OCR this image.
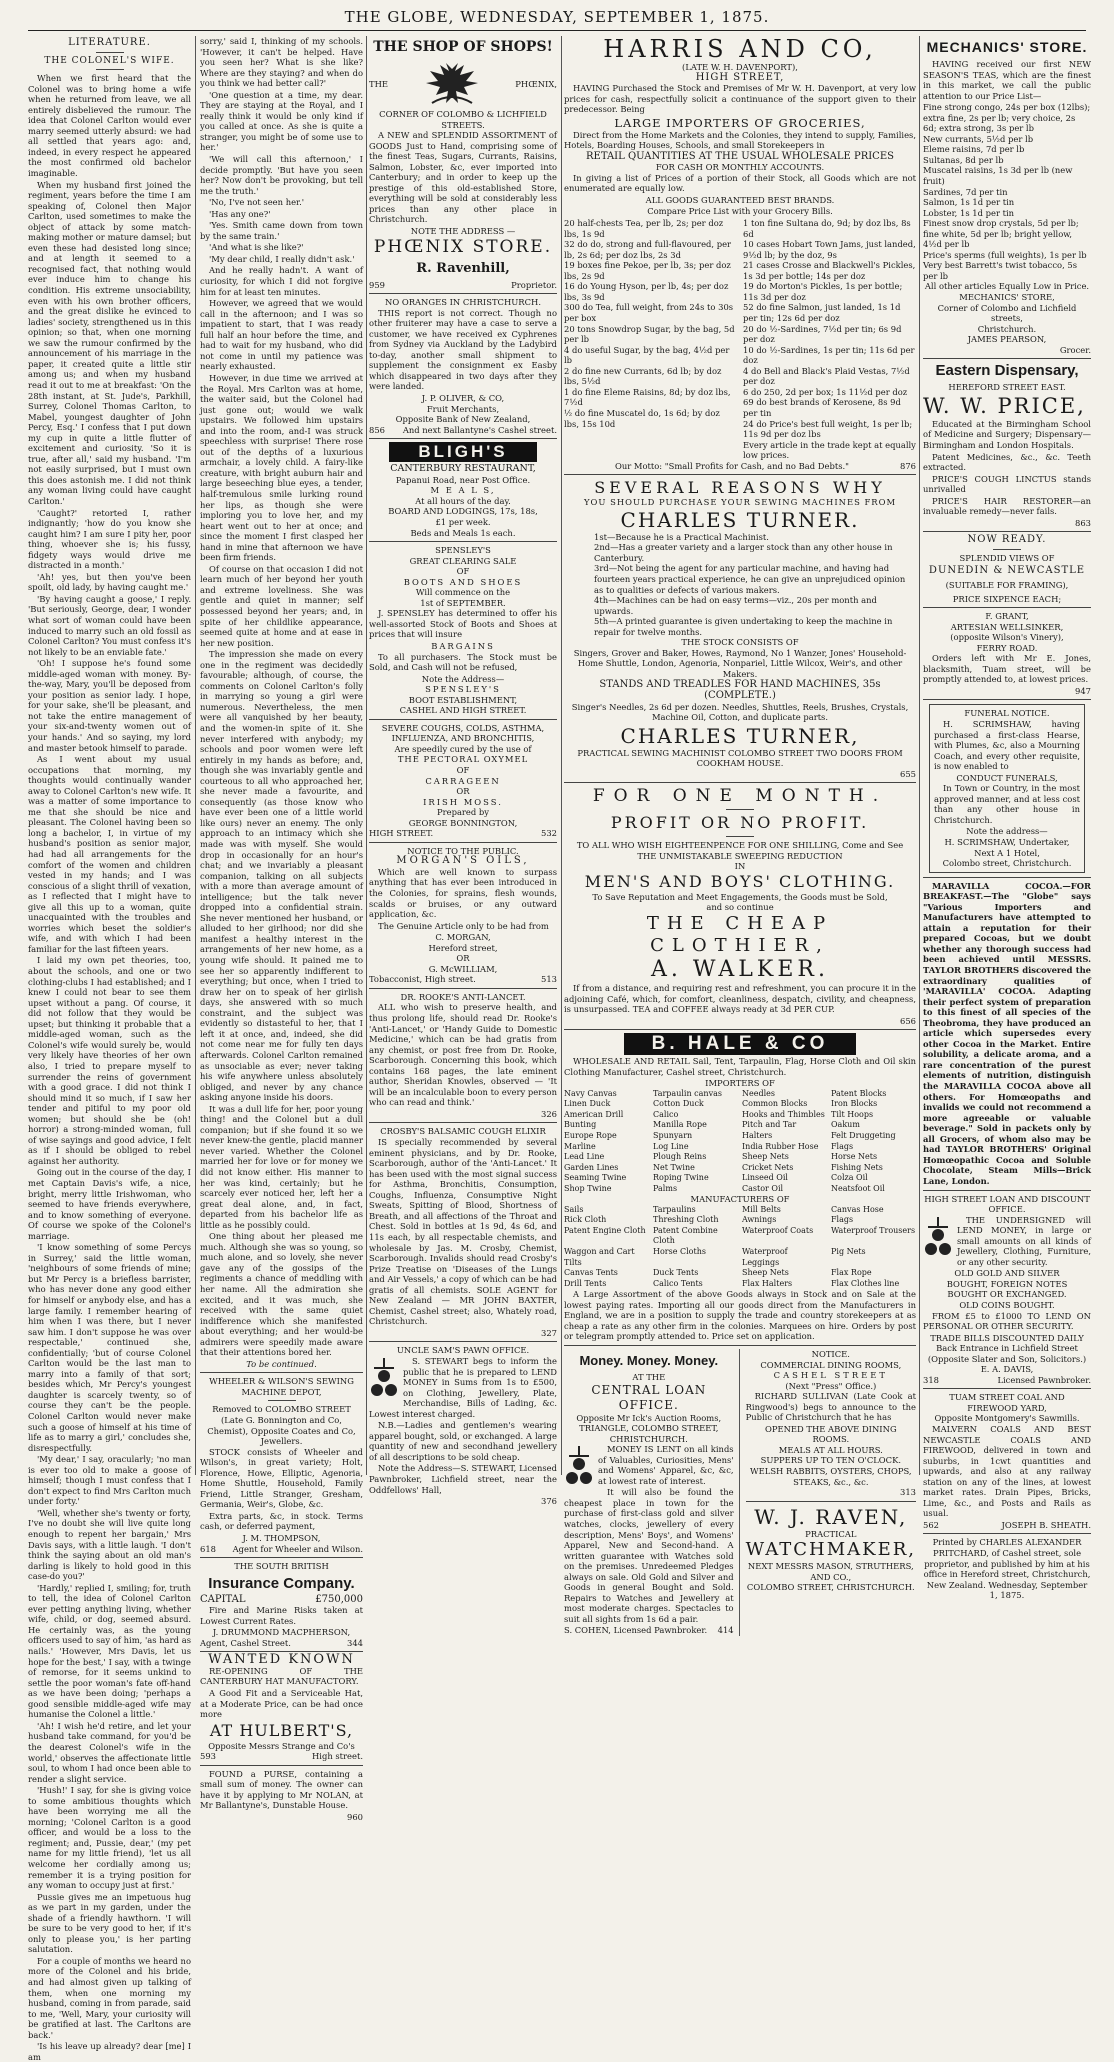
THE GLOBE, WEDNESDAY, SEPTEMBER 1, 1875.
LITERATURE.
THE COLONEL'S WIFE.

When we first heard that the Colonel was to bring home a wife when he returned from leave, we all entirely disbelieved the rumour. The idea that Colonel Carlton would ever marry seemed utterly absurd: we had all settled that years ago: and, indeed, in every respect he appeared the most confirmed old bachelor imaginable.

When my husband first joined the regiment, years before the time I am speaking of, Colonel then Major Carlton, used sometimes to make the object of attack by some match-making mother or mature damsel; but even these had desisted long since; and at length it seemed to a recognised fact, that nothing would ever induce him to change his condition. His extreme unsociability, even with his own brother officers, and the great dislike he evinced to ladies' society, strengthened us in this opinion; so that, when one morning we saw the rumour confirmed by the announcement of his marriage in the paper, it created quite a little stir among us; and when my husband read it out to me at breakfast: 'On the 28th instant, at St. Jude's, Parkhill, Surrey, Colonel Thomas Carlton, to Mabel, youngest daughter of John Percy, Esq.' I confess that I put down my cup in quite a little flutter of excitement and curiosity. 'So it is true, after all,' said my husband. 'I'm not easily surprised, but I must own this does astonish me. I did not think any woman living could have caught Carlton.'

'Caught?' retorted I, rather indignantly; 'how do you know she caught him? I am sure I pity her, poor thing, whoever she is; his fussy, fidgety ways would drive me distracted in a month.'

'Ah! yes, but then you've been spoilt, old lady, by having caught me.'

'By having caught a goose,' I reply. 'But seriously, George, dear, I wonder what sort of woman could have been induced to marry such an old fossil as Colonel Carlton? You must confess it's not likely to be an enviable fate.'

'Oh! I suppose he's found some middle-aged woman with money. By-the-way, Mary, you'll be deposed from your position as senior lady. I hope, for your sake, she'll be pleasant, and not take the entire management of your six-and-twenty women out of your hands.' And so saying, my lord and master betook himself to parade.

As I went about my usual occupations that morning, my thoughts would continually wander away to Colonel Carlton's new wife. It was a matter of some importance to me that she should be nice and pleasant. The Colonel having been so long a bachelor, I, in virtue of my husband's position as senior major, had had all arrangements for the comfort of the women and children vested in my hands; and I was conscious of a slight thrill of vexation, as I reflected that I might have to give all this up to a woman, quite unacquainted with the troubles and worries which beset the soldier's wife, and with which I had been familiar for the last fifteen years.

I laid my own pet theories, too, about the schools, and one or two clothing-clubs I had established; and I knew I could not bear to see them upset without a pang. Of course, it did not follow that they would be upset; but thinking it probable that a middle-aged woman, such as the Colonel's wife would surely be, would very likely have theories of her own also, I tried to prepare myself to surrender the reins of government with a good grace. I did not think I should mind it so much, if I saw her tender and pitiful to my poor old women; but should she be (oh! horror) a strong-minded woman, full of wise sayings and good advice, I felt as if I should be obliged to rebel against her authority.

Going out in the course of the day, I met Captain Davis's wife, a nice, bright, merry little Irishwoman, who seemed to have friends everywhere, and to know something of everyone. Of course we spoke of the Colonel's marriage.

'I know something of some Percys in Surrey,' said the little woman, 'neighbours of some friends of mine; but Mr Percy is a briefless barrister, who has never done any good either for himself or anybody else, and has a large family. I remember hearing of him when I was there, but I never saw him. I don't suppose he was over respectable,' continued she, confidentially; 'but of course Colonel Carlton would be the last man to marry into a family of that sort; besides which, Mr Percy's youngest daughter is scarcely twenty, so of course they can't be the people. Colonel Carlton would never make such a goose of himself at his time of life as to marry a girl,' concludes she, disrespectfully.

'My dear,' I say, oracularly; 'no man is ever too old to make a goose of himself; though I must confess that I don't expect to find Mrs Carlton much under forty.'

'Well, whether she's twenty or forty, I've no doubt she will live quite long enough to repent her bargain,' Mrs Davis says, with a little laugh. 'I don't think the saying about an old man's darling is likely to hold good in this case-do you?'

'Hardly,' replied I, smiling; for, truth to tell, the idea of Colonel Carlton ever petting anything living, whether wife, child, or dog, seemed absurd. He certainly was, as the young officers used to say of him, 'as hard as nails.' 'However, Mrs Davis, let us hope for the best,' I say, with a twinge of remorse, for it seems unkind to settle the poor woman's fate off-hand as we have been doing; 'perhaps a good sensible middle-aged wife may humanise the Colonel a little.'

'Ah! I wish he'd retire, and let your husband take command, for you'd be the dearest Colonel's wife in the world,' observes the affectionate little soul, to whom I had once been able to render a slight service.

'Hush!' I say, for she is giving voice to some ambitious thoughts which have been worrying me all the morning; 'Colonel Carlton is a good officer, and would be a loss to the regiment; and, Pussie, dear,' (my pet name for my little friend), 'let us all welcome her cordially among us; remember it is a trying position for any woman to occupy just at first.'

Pussie gives me an impetuous hug as we part in my garden, under the shade of a friendly hawthorn. 'I will be sure to be very good to her, if it's only to please you,' is her parting salutation.

For a couple of months we heard no more of the Colonel and his bride, and had almost given up talking of them, when one morning my husband, coming in from parade, said to me, 'Well, Mary, your curiosity will be gratified at last. The Carltons are back.'

'Is his leave up already? dear [me] I am

sorry,' said I, thinking of my schools. 'However, it can't be helped. Have you seen her? What is she like? Where are they staying? and when do you think we had better call?'

'One question at a time, my dear. They are staying at the Royal, and I really think it would be only kind if you called at once. As she is quite a stranger, you might be of some use to her.'

'We will call this afternoon,' I decide promptly. 'But have you seen her? Now don't be provoking, but tell me the truth.'

'No, I've not seen her.'

'Has any one?'

'Yes. Smith came down from town by the same train.'

'And what is she like?'

'My dear child, I really didn't ask.'

And he really hadn't. A want of curiosity, for which I did not forgive him for at least ten minutes.

However, we agreed that we would call in the afternoon; and I was so impatient to start, that I was ready full half an hour before the time, and had to wait for my husband, who did not come in until my patience was nearly exhausted.

However, in due time we arrived at the Royal. Mrs Carlton was at home, the waiter said, but the Colonel had just gone out; would we walk upstairs. We followed him upstairs and into the room, and-I was struck speechless with surprise! There rose out of the depths of a luxurious armchair, a lovely child. A fairy-like creature, with bright auburn hair and large beseeching blue eyes, a tender, half-tremulous smile lurking round her lips, as though she were imploring you to love her, and my heart went out to her at once; and since the moment I first clasped her hand in mine that afternoon we have been firm friends.

Of course on that occasion I did not learn much of her beyond her youth and extreme loveliness. She was gentle and quiet in manner; self possessed beyond her years; and, in spite of her childlike appearance, seemed quite at home and at ease in her new position.

The impression she made on every one in the regiment was decidedly favourable; although, of course, the comments on Colonel Carlton's folly in marrying so young a girl were numerous. Nevertheless, the men were all vanquished by her beauty, and the women-in spite of it. She never interfered with anybody; my schools and poor women were left entirely in my hands as before; and, though she was invariably gentle and courteous to all who approached her, she never made a favourite, and consequently (as those know who have ever been one of a little world like ours) never an enemy. The only approach to an intimacy which she made was with myself. She would drop in occasionally for an hour's chat; and we invariably a pleasant companion, talking on all subjects with a more than average amount of intelligence; but the talk never dropped into a confidential strain. She never mentioned her husband, or alluded to her girlhood; nor did she manifest a healthy interest in the arrangements of her new home, as a young wife should. It pained me to see her so apparently indifferent to everything; but once, when I tried to draw her on to speak of her girlish days, she answered with so much constraint, and the subject was evidently so distasteful to her, that I left it at once, and, indeed, she did not come near me for fully ten days afterwards. Colonel Carlton remained as unsociable as ever; never taking his wife anywhere unless absolutely obliged, and never by any chance asking anyone inside his doors.

It was a dull life for her, poor young thing! and the Colonel but a dull companion; but if she found it so we never knew-the gentle, placid manner never varied. Whether the Colonel married her for love or for money we did not know either. His manner to her was kind, certainly; but he scarcely ever noticed her, left her a great deal alone, and, in fact, departed from his bachelor life as little as he possibly could.

One thing about her pleased me much. Although she was so young, so much alone, and so lovely, she never gave any of the gossips of the regiments a chance of meddling with her name. All the admiration she excited, and it was much, she received with the same quiet indifference which she manifested about everything; and her would-be admirers were speedily made aware that their attentions bored her.

To be continued.

WHEELER & WILSON'S SEWING MACHINE DEPOT,
Removed to COLOMBO STREET
(Late G. Bonnington and Co, Chemist), Opposite Coates and Co, Jewellers.

STOCK consists of Wheeler and Wilson's, in great variety; Holt, Florence, Howe, Elliptic, Agenoria, Home Shuttle, Household, Family Friend, Little Stranger, Gresham, Germania, Weir's, Globe, &c.

Extra parts, &c, in stock. Terms cash, or deferred payment,

J. M. THOMPSON,
618 Agent for Wheeler and Wilson.
THE SOUTH BRITISH
Insurance Company.
CAPITAL	£750,000

Fire and Marine Risks taken at Lowest Current Rates.

J. DRUMMOND MACPHERSON,
Agent, Cashel Street.	344
WANTED KNOWN

RE-OPENING OF THE CANTERBURY HAT MANUFACTORY.

A Good Fit and a Serviceable Hat, at a Moderate Price, can be had once more

AT HULBERT'S,
Opposite Messrs Strange and Co's
593	High street.

FOUND a PURSE, containing a small sum of money. The owner can have it by applying to Mr NOLAN, at Mr Ballantyne's, Dunstable House.

960
THE SHOP OF SHOPS!
THE	PHŒNIX,
CORNER OF COLOMBO & LICHFIELD STREETS.

A NEW and SPLENDID ASSORTMENT of GOODS Just to Hand, comprising some of the finest Teas, Sugars, Currants, Raisins, Salmon, Lobster, &c, ever imported into Canterbury; and in order to keep up the prestige of this old-established Store, everything will be sold at considerably less prices than any other place in Christchurch.

NOTE THE ADDRESS —
PHŒNIX STORE.
R. Ravenhill,
959	Proprietor.
NO ORANGES IN CHRISTCHURCH.

THIS report is not correct. Though no other fruiterer may have a case to serve a customer, we have received ex Cyphrenes from Sydney via Auckland by the Ladybird to-day, another small shipment to supplement the consignment ex Easby which disappeared in two days after they were landed.

J. P. OLIVER, & CO,
Fruit Merchants,
Opposite Bank of New Zealand,
856 And next Ballantyne's Cashel street.
BLIGH'S
CANTERBURY RESTAURANT,
Papanui Road, near Post Office.
M E A L S,
At all hours of the day.
BOARD AND LODGINGS, 17s, 18s,
£1 per week.
Beds and Meals 1s each.
SPENSLEY'S
GREAT CLEARING SALE
OF
BOOTS AND SHOES
Will commence on the
1st of SEPTEMBER.

J. SPENSLEY has determined to offer his well-assorted Stock of Boots and Shoes at prices that will insure

BARGAINS

To all purchasers. The Stock must be Sold, and Cash will not be refused,

Note the Address—
SPENSLEY'S
BOOT ESTABLISHMENT,
CASHEL AND HIGH STREET.
SEVERE COUGHS, COLDS, ASTHMA,
INFLUENZA, AND BRONCHITIS,
Are speedily cured by the use of
THE PECTORAL OXYMEL
OF
CARRAGEEN
OR
IRISH MOSS.
Prepared by
GEORGE BONNINGTON,
HIGH STREET.	532
NOTICE TO THE PUBLIC.
MORGAN'S OILS,

Which are well known to surpass anything that has ever been introduced in the Colonies, for sprains, flesh wounds, scalds or bruises, or any outward application, &c.

The Genuine Article only to be had from

C. MORGAN,
Hereford street,
OR
G. McWILLIAM,
Tobacconist, High street.	513
DR. ROOKE'S ANTI-LANCET.

ALL who wish to preserve health, and thus prolong life, should read Dr. Rooke's 'Anti-Lancet,' or 'Handy Guide to Domestic Medicine,' which can be had gratis from any chemist, or post free from Dr. Rooke, Scarborough. Concerning this book, which contains 168 pages, the late eminent author, Sheridan Knowles, observed — 'It will be an incalculable boon to every person who can read and think.'

326
CROSBY'S BALSAMIC COUGH ELIXIR

IS specially recommended by several eminent physicians, and by Dr. Rooke, Scarborough, author of the 'Anti-Lancet.' It has been used with the most signal success for Asthma, Bronchitis, Consumption, Coughs, Influenza, Consumptive Night Sweats, Spitting of Blood, Shortness of Breath, and all affections of the Throat and Chest. Sold in bottles at 1s 9d, 4s 6d, and 11s each, by all respectable chemists, and wholesale by Jas. M. Crosby, Chemist, Scarborough. Invalids should read Crosby's Prize Treatise on 'Diseases of the Lungs and Air Vessels,' a copy of which can be had gratis of all chemists. SOLE AGENT for New Zealand — MR JOHN BAXTER, Chemist, Cashel street; also, Whately road, Christchurch.

327
UNCLE SAM'S PAWN OFFICE.

S. STEWART begs to inform the public that he is prepared to LEND MONEY in Sums from 1s to £500, on Clothing, Jewellery, Plate, Merchandise, Bills of Lading, &c. Lowest interest charged.

N.B.—Ladies and gentlemen's wearing apparel bought, sold, or exchanged. A large quantity of new and secondhand jewellery of all descriptions to be sold cheap.

Note the Address—S. STEWART, Licensed Pawnbroker, Lichfield street, near the Oddfellows' Hall,

376
HARRIS AND CO,
(LATE W. H. DAVENPORT),
HIGH STREET,

HAVING Purchased the Stock and Premises of Mr W. H. Davenport, at very low prices for cash, respectfully solicit a continuance of the support given to their predecessor. Being

LARGE IMPORTERS OF GROCERIES,

Direct from the Home Markets and the Colonies, they intend to supply, Families, Hotels, Boarding Houses, Schools, and small Storekeepers in

RETAIL QUANTITIES AT THE USUAL WHOLESALE PRICES
FOR CASH OR MONTHLY ACCOUNTS.

In giving a list of Prices of a portion of their Stock, all Goods which are not enumerated are equally low.

ALL GOODS GUARANTEED BEST BRANDS.
Compare Price List with your Grocery Bills.
20 half-chests Tea, per lb, 2s; per doz lbs, 1s 9d
32 do do, strong and full-flavoured, per lb, 2s 6d; per doz lbs, 2s 3d
19 boxes fine Pekoe, per lb, 3s; per doz lbs, 2s 9d
16 do Young Hyson, per lb, 4s; per doz lbs, 3s 9d
300 do Tea, full weight, from 24s to 30s per box
20 tons Snowdrop Sugar, by the bag, 5d per lb
4 do useful Sugar, by the bag, 4½d per lb
2 do fine new Currants, 6d lb; by doz lbs, 5½d
1 do fine Eleme Raisins, 8d; by doz lbs, 7½d
½ do fine Muscatel do, 1s 6d; by doz lbs, 15s 10d
1 ton fine Sultana do, 9d; by doz lbs, 8s 6d
10 cases Hobart Town Jams, just landed, 9½d lb; by the doz, 9s
21 cases Crosse and Blackwell's Pickles, 1s 3d per bottle; 14s per doz
19 do Morton's Pickles, 1s per bottle; 11s 3d per doz
52 do fine Salmon, just landed, 1s 1d per tin; 12s 6d per doz
20 do ½-Sardines, 7½d per tin; 6s 9d per doz
10 do ½-Sardines, 1s per tin; 11s 6d per doz
4 do Bell and Black's Plaid Vestas, 7½d per doz
6 do 250, 2d per box; 1s 11½d per doz
69 do best brands of Kerosene, 8s 9d per tin
24 do Price's best full weight, 1s per lb; 11s 9d per doz lbs
Every article in the trade kept at equally low prices.
Our Motto: "Small Profits for Cash, and no Bad Debts."	876
SEVERAL REASONS WHY
YOU SHOULD PURCHASE YOUR SEWING MACHINES FROM
CHARLES TURNER.
1st—Because he is a Practical Machinist.
2nd—Has a greater variety and a larger stock than any other house in Canterbury.
3rd—Not being the agent for any particular machine, and having had fourteen years practical experience, he can give an unprejudiced opinion as to qualities or defects of various makers.
4th—Machines can be had on easy terms—viz., 20s per month and upwards.
5th—A printed guarantee is given undertaking to keep the machine in repair for twelve months.
THE STOCK CONSISTS OF

Singers, Grover and Baker, Howes, Raymond, No 1 Wanzer, Jones' Household-Home Shuttle, London, Agenoria, Nonpariel, Little Wilcox, Weir's, and other Makers.

STANDS AND TREADLES FOR HAND MACHINES, 35s (COMPLETE.)

Singer's Needles, 2s 6d per dozen. Needles, Shuttles, Reels, Brushes, Crystals, Machine Oil, Cotton, and duplicate parts.

CHARLES TURNER,
PRACTICAL SEWING MACHINIST COLOMBO STREET TWO DOORS FROM COOKHAM HOUSE.
655
FOR ONE MONTH.
PROFIT OR NO PROFIT.
TO ALL WHO WISH EIGHTEENPENCE FOR ONE SHILLING, Come and See
THE UNMISTAKABLE SWEEPING REDUCTION
IN
MEN'S AND BOYS' CLOTHING.
To Save Reputation and Meet Engagements, the Goods must be Sold,
and so continue
THE CHEAP CLOTHIER,
A. WALKER.

If from a distance, and requiring rest and refreshment, you can procure it in the adjoining Café, which, for comfort, cleanliness, despatch, civility, and cheapness, is unsurpassed. TEA and COFFEE always ready at 3d PER CUP.

656
B. HALE & CO

WHOLESALE AND RETAIL Sail, Tent, Tarpaulin, Flag, Horse Cloth and Oil skin Clothing Manufacturer, Cashel street, Christchurch.

IMPORTERS OF
Navy Canvas	Tarpaulin canvas	Needles	Patent Blocks
Linen Duck	Cotton Duck	Common Blocks	Iron Blocks
American Drill	Calico	Hooks and Thimbles Tilt Hoops
Bunting	Manilla Rope	Pitch and Tar	Oakum
Europe Rope	Spunyarn	Halters	Felt Druggeting
Marline	Log Line	India Rubber Hose	Flags
Lead Line	Plough Reins	Sheep Nets	Horse Nets
Garden Lines	Net Twine	Cricket Nets	Fishing Nets
Seaming Twine	Roping Twine	Linseed Oil	Colza Oil
Shop Twine	Palms	Castor Oil	Neatsfoot Oil
MANUFACTURERS OF
Sails	Tarpaulins	Mill Belts	Canvas Hose
Rick Cloth	Threshing Cloth	Awnings	Flags
Patent Engine Cloth Patent Combine Cloth
Waterproof Coats	Waterproof Trousers
Waggon and Cart Tilts
Horse Cloths	Waterproof Leggings
Pig Nets
Canvas Tents	Duck Tents	Sheep Nets	Flax Rope
Drill Tents	Calico Tents	Flax Halters	Flax Clothes line

A Large Assortment of the above Goods always in Stock and on Sale at the lowest paying rates. Importing all our goods direct from the Manufacturers in England, we are in a position to supply the trade and country storekeepers at as cheap a rate as any other firm in the colonies. Marquees on hire. Orders by post or telegram promptly attended to. Price set on application.

Money. Money. Money.
AT THE
CENTRAL LOAN OFFICE.
Opposite Mr Ick's Auction Rooms,
TRIANGLE, COLOMBO STREET,
CHRISTCHURCH.

MONEY IS LENT on all kinds of Valuables, Curiosities, Mens' and Womens' Apparel, &c, &c, at lowest rate of interest.

It will also be found the cheapest place in town for the purchase of first-class gold and silver watches, clocks, jewellery of every description, Mens' Boys', and Womens' Apparel, New and Second-hand. A written guarantee with Watches sold on the premises. Unredeemed Pledges always on sale. Old Gold and Silver and Goods in general Bought and Sold. Repairs to Watches and Jewellery at most moderate charges. Spectacles to suit all sights from 1s 6d a pair.

S. COHEN, Licensed Pawnbroker. 414
NOTICE.
COMMERCIAL DINING ROOMS,
CASHEL STREET
(Next "Press" Office.)

RICHARD SULLIVAN (Late Cook at Ringwood's) begs to announce to the Public of Christchurch that he has

OPENED THE ABOVE DINING ROOMS.
MEALS AT ALL HOURS.
SUPPERS UP TO TEN O'CLOCK.
WELSH RABBITS, OYSTERS, CHOPS,
STEAKS, &c., &c.
313
W. J. RAVEN,
PRACTICAL
WATCHMAKER,
NEXT MESSRS MASON, STRUTHERS,
AND CO.,
COLOMBO STREET, CHRISTCHURCH.
MECHANICS' STORE.

HAVING received our first NEW SEASON'S TEAS, which are the finest in this market, we call the public attention to our Price List—

Fine strong congo, 24s per box (12lbs); extra fine, 2s per lb; very choice, 2s 6d; extra strong, 3s per lb
New currants, 5½d per lb
Eleme raisins, 7d per lb
Sultanas, 8d per lb
Muscatel raisins, 1s 3d per lb (new fruit)
Sardines, 7d per tin
Salmon, 1s 1d per tin
Lobster, 1s 1d per tin
Finest snow drop crystals, 5d per lb; fine white, 5d per lb; bright yellow, 4½d per lb
Price's sperms (full weights), 1s per lb
Very best Barrett's twist tobacco, 5s per lb
All other articles Equally Low in Price.
MECHANICS' STORE,
Corner of Colombo and Lichfield streets,
Christchurch.
JAMES PEARSON,
Grocer.
Eastern Dispensary,
HEREFORD STREET EAST.
W. W. PRICE,

Educated at the Birmingham School of Medicine and Surgery; Dispensary—Birmingham and London Hospitals.

Patent Medicines, &c., &c. Teeth extracted.

PRICE'S COUGH LINCTUS stands unrivalled

PRICE'S HAIR RESTORER—an invaluable remedy—never fails.

863
NOW READY.
SPLENDID VIEWS OF
DUNEDIN & NEWCASTLE
(SUITABLE FOR FRAMING),
PRICE SIXPENCE EACH;
F. GRANT,
ARTESIAN WELLSINKER,
(opposite Wilson's Vinery),
FERRY ROAD.

Orders left with Mr E. Jones, blacksmith, Tuam street, will be promptly attended to, at lowest prices.

947
FUNERAL NOTICE.

H. SCRIMSHAW, having purchased a first-class Hearse, with Plumes, &c, also a Mourning Coach, and every other requisite, is now enabled to

CONDUCT FUNERALS,

In Town or Country, in the most approved manner, and at less cost than any other house in Christchurch.

Note the address—
H. SCRIMSHAW, Undertaker,
Next A 1 Hotel,
Colombo street, Christchurch.

MARAVILLA COCOA.—FOR BREAKFAST.—The "Globe" says "Various Importers and Manufacturers have attempted to attain a reputation for their prepared Cocoas, but we doubt whether any thorough success had been achieved until MESSRS. TAYLOR BROTHERS discovered the extraordinary qualities of 'MARAVILLA' COCOA. Adapting their perfect system of preparation to this finest of all species of the Theobroma, they have produced an article which supersedes every other Cocoa in the Market. Entire solubility, a delicate aroma, and a rare concentration of the purest elements of nutrition, distinguish the MARAVILLA COCOA above all others. For Homœopaths and invalids we could not recommend a more agreeable or valuable beverage." Sold in packets only by all Grocers, of whom also may be had TAYLOR BROTHERS' Original Homœopathic Cocoa and Soluble Chocolate, Steam Mills—Brick Lane, London.

HIGH STREET LOAN AND DISCOUNT OFFICE.

THE UNDERSIGNED will LEND MONEY, in large or small amounts on all kinds of Jewellery, Clothing, Furniture, or any other security.

OLD GOLD AND SILVER
BOUGHT, FOREIGN NOTES
BOUGHT OR EXCHANGED.
OLD COINS BOUGHT.

FROM £5 to £1000 TO LEND ON PERSONAL OR OTHER SECURITY.

TRADE BILLS DISCOUNTED DAILY
Back Entrance in Lichfield Street
(Opposite Slater and Son, Solicitors.)
E. A. DAVIS,
318	Licensed Pawnbroker.
TUAM STREET COAL AND FIREWOOD YARD,
Opposite Montgomery's Sawmills.

MALVERN COALS AND BEST NEWCASTLE COALS AND FIREWOOD, delivered in town and suburbs, in 1cwt quantities and upwards, and also at any railway station on any of the lines, at lowest market rates. Drain Pipes, Bricks, Lime, &c., and Posts and Rails as usual.

562	JOSEPH B. SHEATH.

Printed by CHARLES ALEXANDER PRITCHARD, of Cashel street, sole proprietor, and published by him at his office in Hereford street, Christchurch, New Zealand. Wednesday, September 1, 1875.
